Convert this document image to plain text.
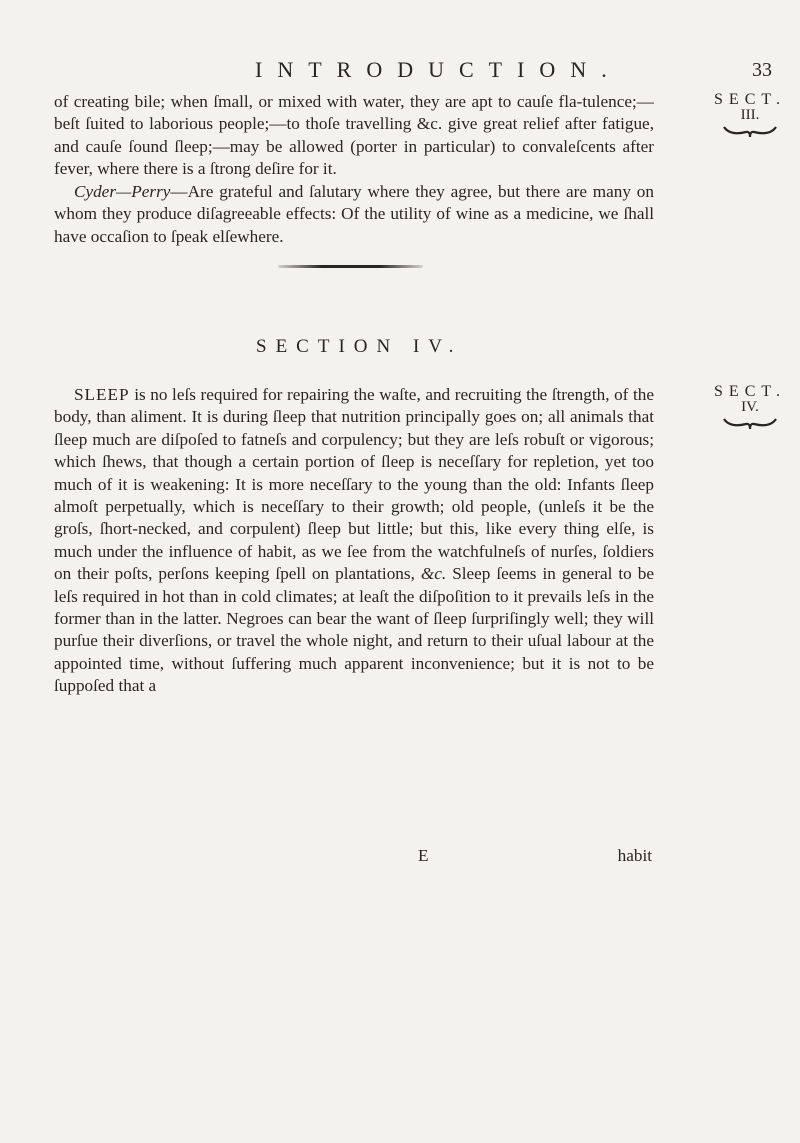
INTRODUCTION.	33

of creating bile; when ſmall, or mixed with water, they are apt to cauſe fla-tulence;—beſt ſuited to laborious people;—to thoſe travelling &c. give great relief after fatigue, and cauſe ſound ſleep;—may be allowed (porter in particular) to convaleſcents after fever, where there is a ſtrong deſire for it.

Cyder—Perry—Are grateful and ſalutary where they agree, but there are many on whom they produce diſagreeable effects: Of the utility of wine as a medicine, we ſhall have occaſion to ſpeak elſewhere.

SECTION IV.

SLEEP is no leſs required for repairing the waſte, and recruiting the ſtrength, of the body, than aliment. It is during ſleep that nutrition principally goes on; all animals that ſleep much are diſpoſed to fatneſs and corpulency; but they are leſs robuſt or vigorous; which ſhews, that though a certain portion of ſleep is neceſſary for repletion, yet too much of it is weakening: It is more neceſſary to the young than the old: Infants ſleep almoſt perpetually, which is neceſſary to their growth; old people, (unleſs it be the groſs, ſhort-necked, and corpulent) ſleep but little; but this, like every thing elſe, is much under the influence of habit, as we ſee from the watchfulneſs of nurſes, ſoldiers on their poſts, perſons keeping ſpell on plantations, &c. Sleep ſeems in general to be leſs required in hot than in cold climates; at leaſt the diſpoſition to it prevails leſs in the former than in the latter. Negroes can bear the want of ſleep ſurpriſingly well; they will purſue their diverſions, or travel the whole night, and return to their uſual labour at the appointed time, without ſuffering much apparent inconvenience; but it is not to be ſuppoſed that a

SECT.
III.
SECT.
IV.
E	habit
